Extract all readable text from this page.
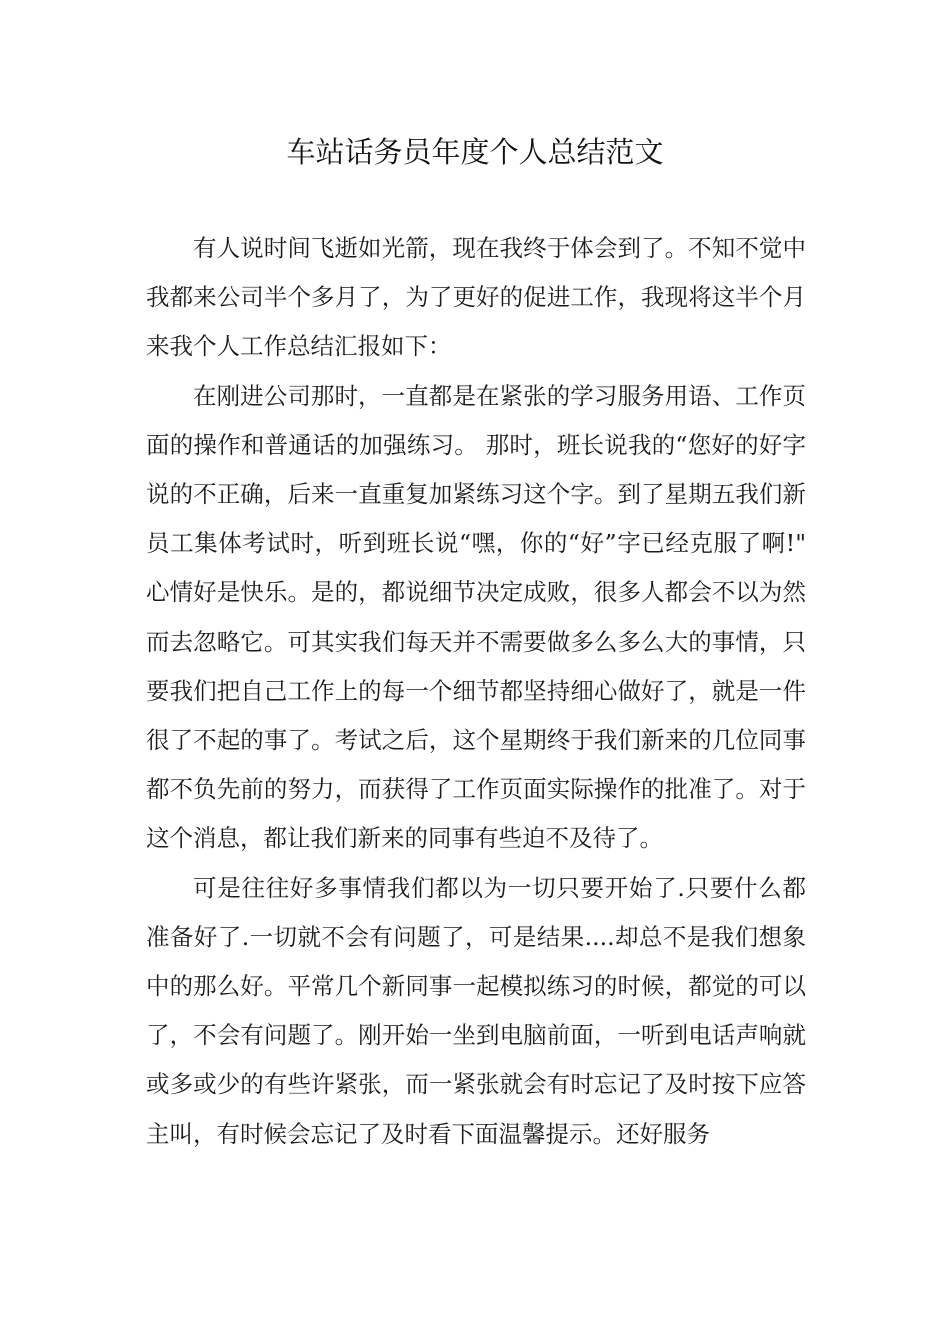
车站话务员年度个人总结范文

有人说时间飞逝如光箭，现在我终于体会到了。不知不觉中我都来公司半个多月了，为了更好的促进工作，我现将这半个月来我个人工作总结汇报如下：

在刚进公司那时，一直都是在紧张的学习服务用语、工作页面的操作和普通话的加强练习。 那时，班长说我的“您好的好字说的不正确，后来一直重复加紧练习这个字。到了星期五我们新员工集体考试时，听到班长说“嘿，你的“好”字已经克服了啊!" 心情好是快乐。是的，都说细节决定成败，很多人都会不以为然而去忽略它。可其实我们每天并不需要做多么多么大的事情，只要我们把自己工作上的每一个细节都坚持细心做好了，就是一件很了不起的事了。考试之后，这个星期终于我们新来的几位同事都不负先前的努力，而获得了工作页面实际操作的批准了。对于这个消息，都让我们新来的同事有些迫不及待了。

可是往往好多事情我们都以为一切只要开始了.只要什么都准备好了.一切就不会有问题了，可是结果....却总不是我们想象中的那么好。平常几个新同事一起模拟练习的时候，都觉的可以了，不会有问题了。刚开始一坐到电脑前面，一听到电话声响就或多或少的有些许紧张，而一紧张就会有时忘记了及时按下应答主叫，有时候会忘记了及时看下面温馨提示。还好服务
